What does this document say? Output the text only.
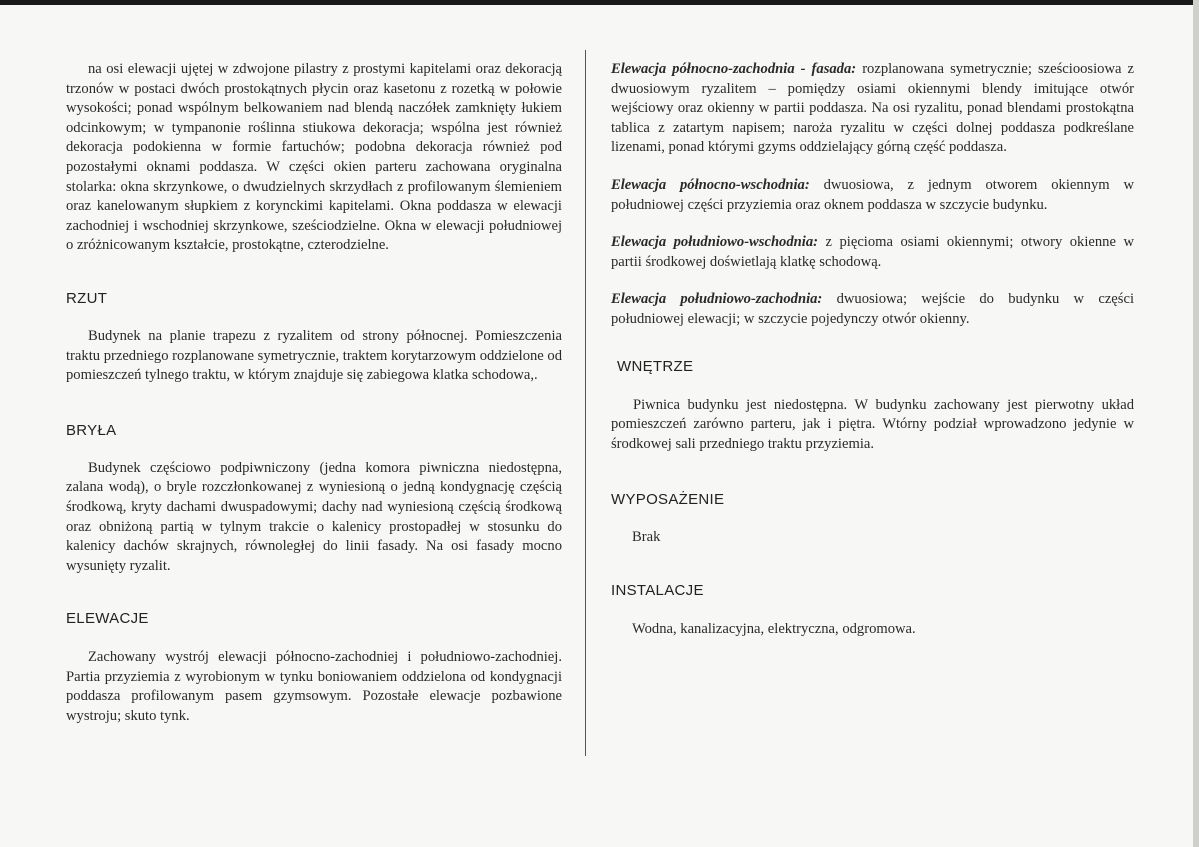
na osi elewacji ujętej w zdwojone pilastry z prostymi kapitelami oraz dekoracją trzonów w postaci dwóch prostokątnych płycin oraz kasetonu z rozetką w połowie wysokości; ponad wspólnym belkowaniem nad blendą naczółek zamknięty łukiem odcinkowym; w tympanonie roślinna stiukowa dekoracja; wspólna jest również dekoracja podokienna w formie fartuchów; podobna dekoracja również pod pozostałymi oknami poddasza. W części okien parteru zachowana oryginalna stolarka: okna skrzynkowe, o dwudzielnych skrzydłach z profilowanym ślemieniem oraz kanelowanym słupkiem z korynckimi kapitelami. Okna poddasza w elewacji zachodniej i wschodniej skrzynkowe, sześciodzielne. Okna w elewacji południowej o zróżnicowanym kształcie, prostokątne, czterodzielne.

RZUT

Budynek na planie trapezu z ryzalitem od strony północnej. Pomieszczenia traktu przedniego rozplanowane symetrycznie, traktem korytarzowym oddzielone od pomieszczeń tylnego traktu, w którym znajduje się zabiegowa klatka schodowa,.

BRYŁA

Budynek częściowo podpiwniczony (jedna komora piwniczna niedostępna, zalana wodą), o bryle rozczłonkowanej z wyniesioną o jedną kondygnację częścią środkową, kryty dachami dwuspadowymi; dachy nad wyniesioną częścią środkową oraz obniżoną partią w tylnym trakcie o kalenicy prostopadłej w stosunku do kalenicy dachów skrajnych, równoległej do linii fasady. Na osi fasady mocno wysunięty ryzalit.

ELEWACJE

Zachowany wystrój elewacji północno-zachodniej i południowo-zachodniej. Partia przyziemia z wyrobionym w tynku boniowaniem oddzielona od kondygnacji poddasza profilowanym pasem gzymsowym. Pozostałe elewacje pozbawione wystroju; skuto tynk.

Elewacja północno-zachodnia - fasada: rozplanowana symetrycznie; sześcioosiowa z dwuosiowym ryzalitem – pomiędzy osiami okiennymi blendy imitujące otwór wejściowy oraz okienny w partii poddasza. Na osi ryzalitu, ponad blendami prostokątna tablica z zatartym napisem; naroża ryzalitu w części dolnej poddasza podkreślane lizenami, ponad którymi gzyms oddzielający górną część poddasza.

Elewacja północno-wschodnia: dwuosiowa, z jednym otworem okiennym w południowej części przyziemia oraz oknem poddasza w szczycie budynku.

Elewacja południowo-wschodnia: z pięcioma osiami okiennymi; otwory okienne w partii środkowej doświetlają klatkę schodową.

Elewacja południowo-zachodnia: dwuosiowa; wejście do budynku w części południowej elewacji; w szczycie pojedynczy otwór okienny.

WNĘTRZE

Piwnica budynku jest niedostępna. W budynku zachowany jest pierwotny układ pomieszczeń zarówno parteru, jak i piętra. Wtórny podział wprowadzono jedynie w środkowej sali przedniego traktu przyziemia.

WYPOSAŻENIE

Brak

INSTALACJE

Wodna, kanalizacyjna, elektryczna, odgromowa.
